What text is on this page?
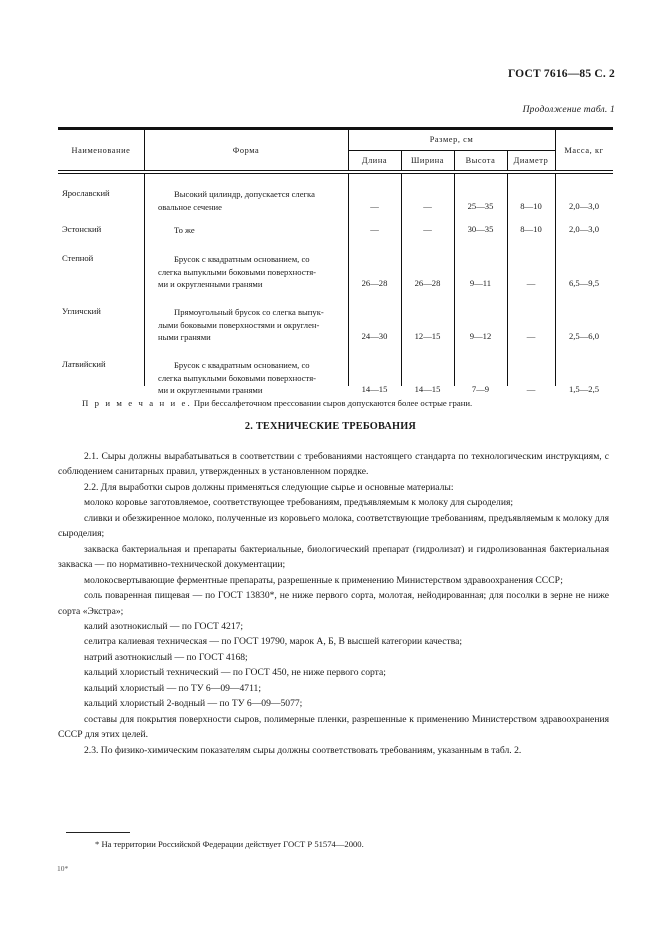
ГОСТ 7616—85 С. 2
Продолжение табл. 1
Наименование	Форма
Размер, см
Длина	Ширина	Высота	Диаметр
Масса, кг
Ярославский	Высокий цилиндр, допускается слегка
овальное сечение	—	—	25—35	8—10	2,0—3,0
Эстонский	То же	—	—	30—35	8—10	2,0—3,0
Степной	Брусок с квадратным основанием, со
слегка выпуклыми боковыми поверхностя-
ми и округленными гранями	26—28	26—28	9—11	—	6,5—9,5
Угличский	Прямоугольный брусок со слегка выпук-
лыми боковыми поверхностями и округлен-
ными гранями	24—30	12—15	9—12	—	2,5—6,0
Латвийский	Брусок с квадратным основанием, со
слегка выпуклыми боковыми поверхностя-
ми и округленными гранями	14—15	14—15	7—9	—	1,5—2,5
П р и м е ч а н и е. При бессалфеточном прессовании сыров допускаются более острые грани.
2. ТЕХНИЧЕСКИЕ ТРЕБОВАНИЯ

2.1. Сыры должны вырабатываться в соответствии с требованиями настоящего стандарта по технологическим инструкциям, с соблюдением санитарных правил, утвержденных в установленном порядке.

2.2. Для выработки сыров должны применяться следующие сырье и основные материалы:

молоко коровье заготовляемое, соответствующее требованиям, предъявляемым к молоку для сыроделия;

сливки и обезжиренное молоко, полученные из коровьего молока, соответствующие требованиям, предъявляемым к молоку для сыроделия;

закваска бактериальная и препараты бактериальные, биологический препарат (гидролизат) и гидролизованная бактериальная закваска — по нормативно-технической документации;

молокосвертывающие ферментные препараты, разрешенные к применению Министерством здравоохранения СССР;

соль поваренная пищевая — по ГОСТ 13830*, не ниже первого сорта, молотая, нейодированная; для посолки в зерне не ниже сорта «Экстра»;

калий азотнокислый — по ГОСТ 4217;

селитра калиевая техническая — по ГОСТ 19790, марок А, Б, В высшей категории качества;

натрий азотнокислый — по ГОСТ 4168;

кальций хлористый технический — по ГОСТ 450, не ниже первого сорта;

кальций хлористый — по ТУ 6—09—4711;

кальций хлористый 2-водный — по ТУ 6—09—5077;

составы для покрытия поверхности сыров, полимерные пленки, разрешенные к применению Министерством здравоохранения СССР для этих целей.

2.3. По физико-химическим показателям сыры должны соответствовать требованиям, указанным в табл. 2.

* На территории Российской Федерации действует ГОСТ Р 51574—2000.
10*
